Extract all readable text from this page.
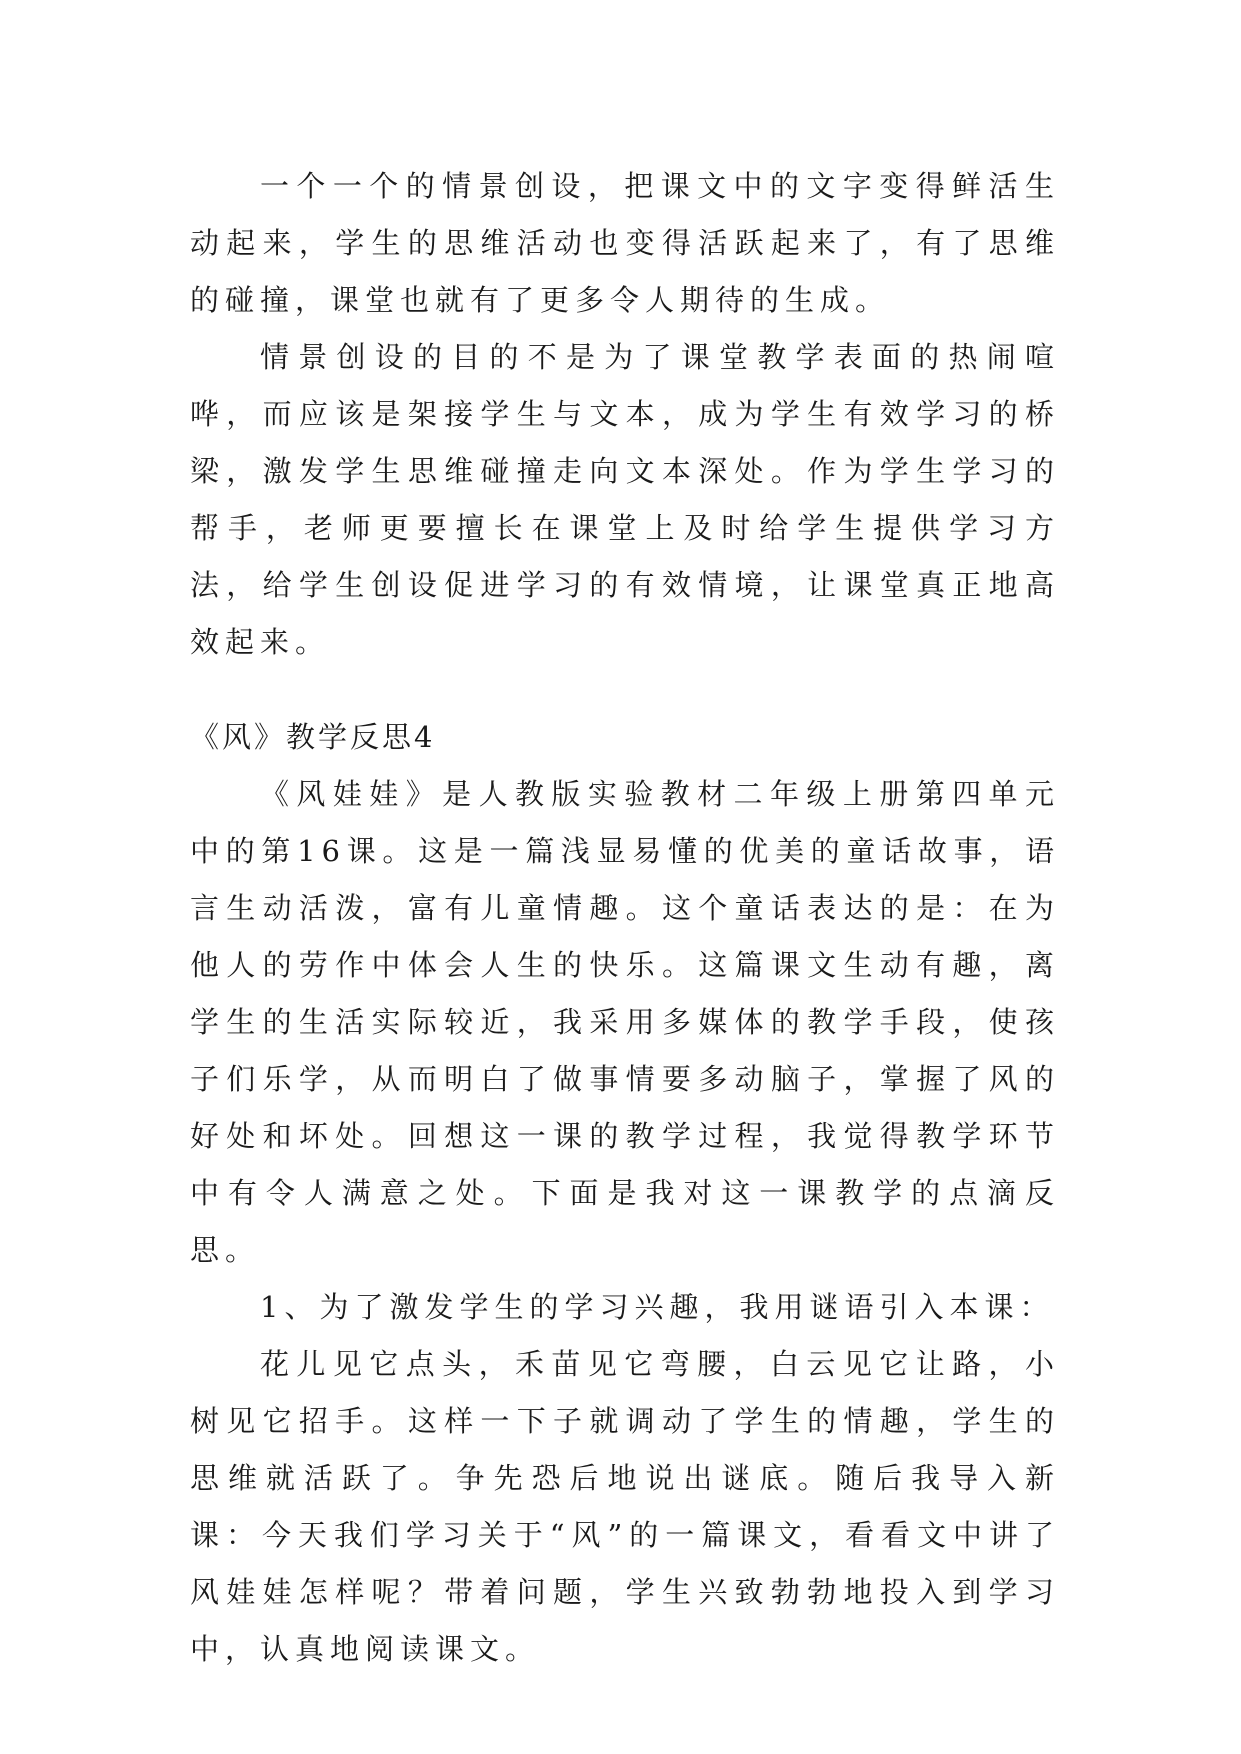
一个一个的情景创设，把课文中的文字变得鲜活生动起来，学生的思维活动也变得活跃起来了，有了思维的碰撞，课堂也就有了更多令人期待的生成。

情景创设的目的不是为了课堂教学表面的热闹喧哗，而应该是架接学生与文本，成为学生有效学习的桥梁，激发学生思维碰撞走向文本深处。作为学生学习的帮手，老师更要擅长在课堂上及时给学生提供学习方法，给学生创设促进学习的有效情境，让课堂真正地高效起来。

《风》教学反思4

《风娃娃》是人教版实验教材二年级上册第四单元中的第16课。这是一篇浅显易懂的优美的童话故事，语言生动活泼，富有儿童情趣。这个童话表达的是：在为他人的劳作中体会人生的快乐。这篇课文生动有趣，离学生的生活实际较近，我采用多媒体的教学手段，使孩子们乐学，从而明白了做事情要多动脑子，掌握了风的好处和坏处。回想这一课的教学过程，我觉得教学环节中有令人满意之处。下面是我对这一课教学的点滴反思。

1、为了激发学生的学习兴趣，我用谜语引入本课：

花儿见它点头，禾苗见它弯腰，白云见它让路，小树见它招手。这样一下子就调动了学生的情趣，学生的思维就活跃了。争先恐后地说出谜底。随后我导入新课：今天我们学习关于“风”的一篇课文，看看文中讲了风娃娃怎样呢？带着问题，学生兴致勃勃地投入到学习中，认真地阅读课文。
